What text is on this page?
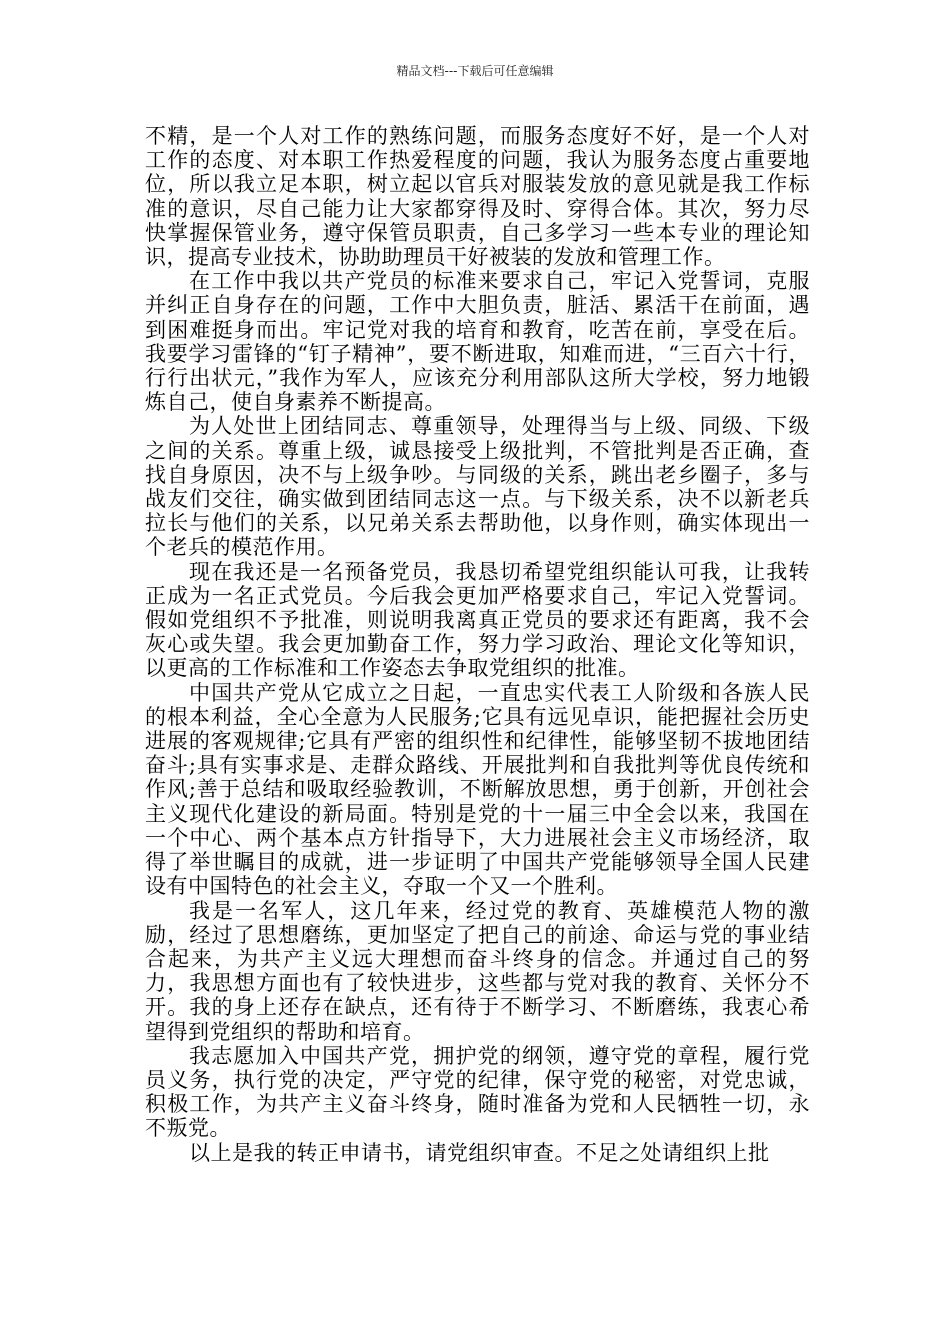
精品文档---下载后可任意编辑

不精，是一个人对工作的熟练问题，而服务态度好不好，是一个人对工作的态度、对本职工作热爱程度的问题，我认为服务态度占重要地位，所以我立足本职，树立起以官兵对服装发放的意见就是我工作标准的意识，尽自己能力让大家都穿得及时、穿得合体。其次，努力尽快掌握保管业务，遵守保管员职责，自己多学习一些本专业的理论知识，提高专业技术，协助助理员干好被装的发放和管理工作。

在工作中我以共产党员的标准来要求自己，牢记入党誓词，克服并纠正自身存在的问题，工作中大胆负责，脏活、累活干在前面，遇到困难挺身而出。牢记党对我的培育和教育，吃苦在前，享受在后。我要学习雷锋的“钉子精神”，要不断进取，知难而进，“三百六十行，行行出状元，”我作为军人，应该充分利用部队这所大学校，努力地锻炼自己，使自身素养不断提高。

为人处世上团结同志、尊重领导，处理得当与上级、同级、下级之间的关系。尊重上级，诚恳接受上级批判，不管批判是否正确，查找自身原因，决不与上级争吵。与同级的关系，跳出老乡圈子，多与战友们交往，确实做到团结同志这一点。与下级关系，决不以新老兵拉长与他们的关系，以兄弟关系去帮助他，以身作则，确实体现出一个老兵的模范作用。

现在我还是一名预备党员，我恳切希望党组织能认可我，让我转正成为一名正式党员。今后我会更加严格要求自己，牢记入党誓词。假如党组织不予批准，则说明我离真正党员的要求还有距离，我不会灰心或失望。我会更加勤奋工作，努力学习政治、理论文化等知识，以更高的工作标准和工作姿态去争取党组织的批准。

中国共产党从它成立之日起，一直忠实代表工人阶级和各族人民的根本利益，全心全意为人民服务;它具有远见卓识，能把握社会历史进展的客观规律;它具有严密的组织性和纪律性，能够坚韧不拔地团结奋斗;具有实事求是、走群众路线、开展批判和自我批判等优良传统和作风;善于总结和吸取经验教训，不断解放思想，勇于创新，开创社会主义现代化建设的新局面。特别是党的十一届三中全会以来，我国在一个中心、两个基本点方针指导下，大力进展社会主义市场经济，取得了举世瞩目的成就，进一步证明了中国共产党能够领导全国人民建设有中国特色的社会主义，夺取一个又一个胜利。

我是一名军人，这几年来，经过党的教育、英雄模范人物的激励，经过了思想磨练，更加坚定了把自己的前途、命运与党的事业结合起来，为共产主义远大理想而奋斗终身的信念。并通过自己的努力，我思想方面也有了较快进步，这些都与党对我的教育、关怀分不开。我的身上还存在缺点，还有待于不断学习、不断磨练，我衷心希望得到党组织的帮助和培育。

我志愿加入中国共产党，拥护党的纲领，遵守党的章程，履行党员义务，执行党的决定，严守党的纪律，保守党的秘密，对党忠诚，积极工作，为共产主义奋斗终身，随时准备为党和人民牺牲一切，永不叛党。

以上是我的转正申请书，请党组织审查。不足之处请组织上批
